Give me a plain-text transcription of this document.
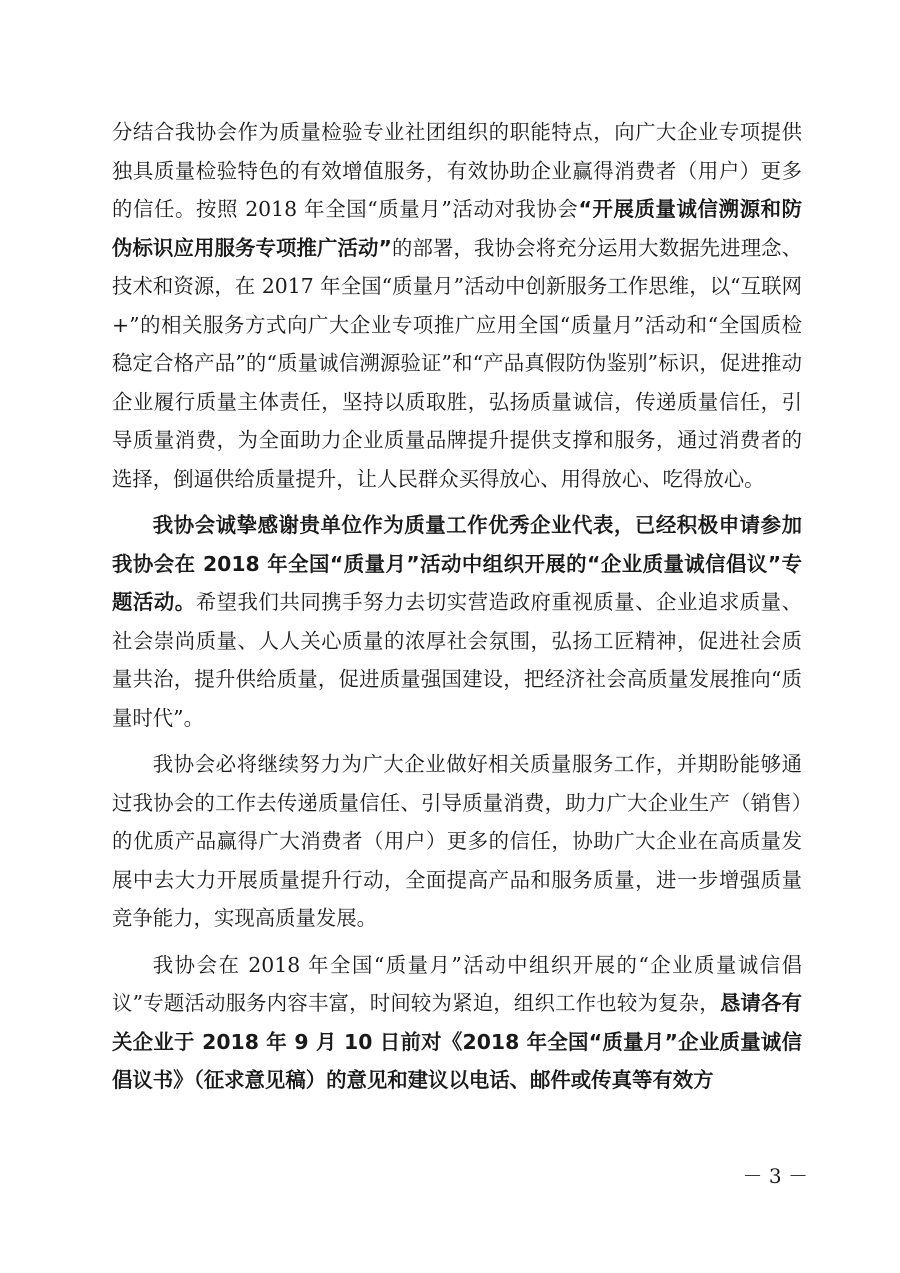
分结合我协会作为质量检验专业社团组织的职能特点，向广大企业专项提供独具质量检验特色的有效增值服务，有效协助企业赢得消费者（用户）更多的信任。按照 2018 年全国“质量月”活动对我协会“开展质量诚信溯源和防伪标识应用服务专项推广活动”的部署，我协会将充分运用大数据先进理念、技术和资源，在 2017 年全国“质量月”活动中创新服务工作思维，以“互联网+”的相关服务方式向广大企业专项推广应用全国“质量月”活动和“全国质检稳定合格产品”的“质量诚信溯源验证”和“产品真假防伪鉴别”标识，促进推动企业履行质量主体责任，坚持以质取胜，弘扬质量诚信，传递质量信任，引导质量消费，为全面助力企业质量品牌提升提供支撑和服务，通过消费者的选择，倒逼供给质量提升，让人民群众买得放心、用得放心、吃得放心。

我协会诚挚感谢贵单位作为质量工作优秀企业代表，已经积极申请参加我协会在 2018 年全国“质量月”活动中组织开展的“企业质量诚信倡议”专题活动。希望我们共同携手努力去切实营造政府重视质量、企业追求质量、社会崇尚质量、人人关心质量的浓厚社会氛围，弘扬工匠精神，促进社会质量共治，提升供给质量，促进质量强国建设，把经济社会高质量发展推向“质量时代”。

我协会必将继续努力为广大企业做好相关质量服务工作，并期盼能够通过我协会的工作去传递质量信任、引导质量消费，助力广大企业生产（销售）的优质产品赢得广大消费者（用户）更多的信任，协助广大企业在高质量发展中去大力开展质量提升行动，全面提高产品和服务质量，进一步增强质量竞争能力，实现高质量发展。

我协会在 2018 年全国“质量月”活动中组织开展的“企业质量诚信倡议”专题活动服务内容丰富，时间较为紧迫，组织工作也较为复杂，恳请各有关企业于 2018 年 9 月 10 日前对《2018 年全国“质量月”企业质量诚信倡议书》（征求意见稿）的意见和建议以电话、邮件或传真等有效方

－ 3 －
